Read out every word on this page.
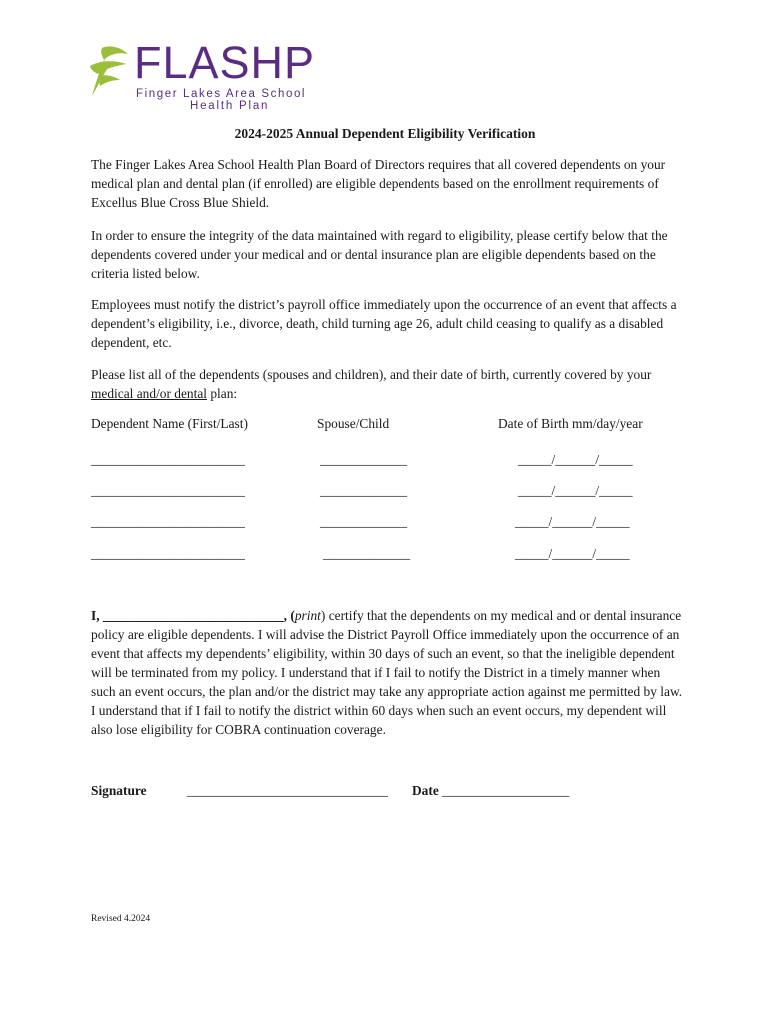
FLASHP
Finger Lakes Area School
Health Plan
2024-2025 Annual Dependent Eligibility Verification
The Finger Lakes Area School Health Plan Board of Directors requires that all covered dependents on your medical plan and dental plan (if enrolled) are eligible dependents based on the enrollment requirements of Excellus Blue Cross Blue Shield.
In order to ensure the integrity of the data maintained with regard to eligibility, please certify below that the dependents covered under your medical and or dental insurance plan are eligible dependents based on the criteria listed below.
Employees must notify the district’s payroll office immediately upon the occurrence of an event that affects a dependent’s eligibility, i.e., divorce, death, child turning age 26, adult child ceasing to qualify as a disabled dependent, etc.
Please list all of the dependents (spouses and children), and their date of birth, currently covered by your medical and/or dental plan:
Dependent Name (First/Last)	Spouse/Child	Date of Birth mm/day/year
_______________________	_____________	_____/______/_____
_______________________	_____________	_____/______/_____
_______________________	_____________	_____/______/_____
_______________________	_____________	_____/______/_____
I, ___________________________, (print) certify that the dependents on my medical and or dental insurance policy are eligible dependents. I will advise the District Payroll Office immediately upon the occurrence of an event that affects my dependents’ eligibility, within 30 days of such an event, so that the ineligible dependent will be terminated from my policy. I understand that if I fail to notify the District in a timely manner when such an event occurs, the plan and/or the district may take any appropriate action against me permitted by law. I understand that if I fail to notify the district within 60 days when such an event occurs, my dependent will also lose eligibility for COBRA continuation coverage.
Signature	______________________________ Date ___________________
Revised 4.2024
